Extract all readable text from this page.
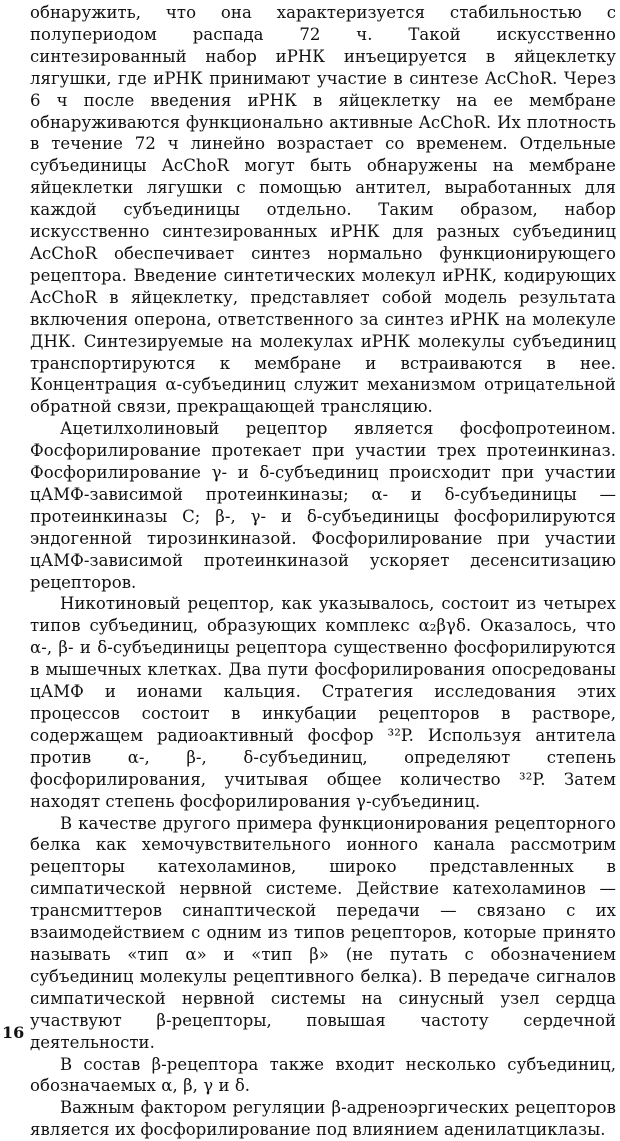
обнаружить, что она характеризуется стабильностью с полупериодом распада 72 ч. Такой искусственно синтезированный набор иРНК инъецируется в яйцеклетку лягушки, где иРНК принимают участие в синтезе AcChoR. Через 6 ч после введения иРНК в яйцеклетку на ее мембране обнаруживаются функционально активные AcChoR. Их плотность в течение 72 ч линейно возрастает со временем. Отдельные субъединицы AcChoR могут быть обнаружены на мембране яйцеклетки лягушки с помощью антител, выработанных для каждой субъединицы отдельно. Таким образом, набор искусственно синтезированных иРНК для разных субъединиц AcChoR обеспечивает синтез нормально функционирующего рецептора. Введение синтетических молекул иРНК, кодирующих AcChoR в яйцеклетку, представляет собой модель результата включения оперона, ответственного за синтез иРНК на молекуле ДНК. Синтезируемые на молекулах иРНК молекулы субъединиц транспортируются к мембране и встраиваются в нее. Концентрация α-субъединиц служит механизмом отрицательной обратной связи, прекращающей трансляцию.

Ацетилхолиновый рецептор является фосфопротеином. Фосфорилирование протекает при участии трех протеинкиназ. Фосфорилирование γ- и δ-субъединиц происходит при участии цАМФ-зависимой протеинкиназы; α- и δ-субъединицы — протеинкиназы С; β-, γ- и δ-субъединицы фосфорилируются эндогенной тирозинкиназой. Фосфорилирование при участии цАМФ-зависимой протеинкиназой ускоряет десенситизацию рецепторов.

Никотиновый рецептор, как указывалось, состоит из четырех типов субъединиц, образующих комплекс α₂βγδ. Оказалось, что α-, β- и δ-субъединицы рецептора существенно фосфорилируются в мышечных клетках. Два пути фосфорилирования опосредованы цАМФ и ионами кальция. Стратегия исследования этих процессов состоит в инкубации рецепторов в растворе, содержащем радиоактивный фосфор ³²P. Используя антитела против α-, β-, δ-субъединиц, определяют степень фосфорилирования, учитывая общее количество ³²P. Затем находят степень фосфорилирования γ-субъединиц.

В качестве другого примера функционирования рецепторного белка как хемочувствительного ионного канала рассмотрим рецепторы катехоламинов, широко представленных в симпатической нервной системе. Действие катехоламинов — трансмиттеров синаптической передачи — связано с их взаимодействием с одним из типов рецепторов, которые принято называть «тип α» и «тип β» (не путать с обозначением субъединиц молекулы рецептивного белка). В передаче сигналов симпатической нервной системы на синусный узел сердца участвуют β-рецепторы, повышая частоту сердечной деятельности.

В состав β-рецептора также входит несколько субъединиц, обозначаемых α, β, γ и δ.

Важным фактором регуляции β-адреноэргических рецепторов является их фосфорилирование под влиянием аденилатциклазы.

16
